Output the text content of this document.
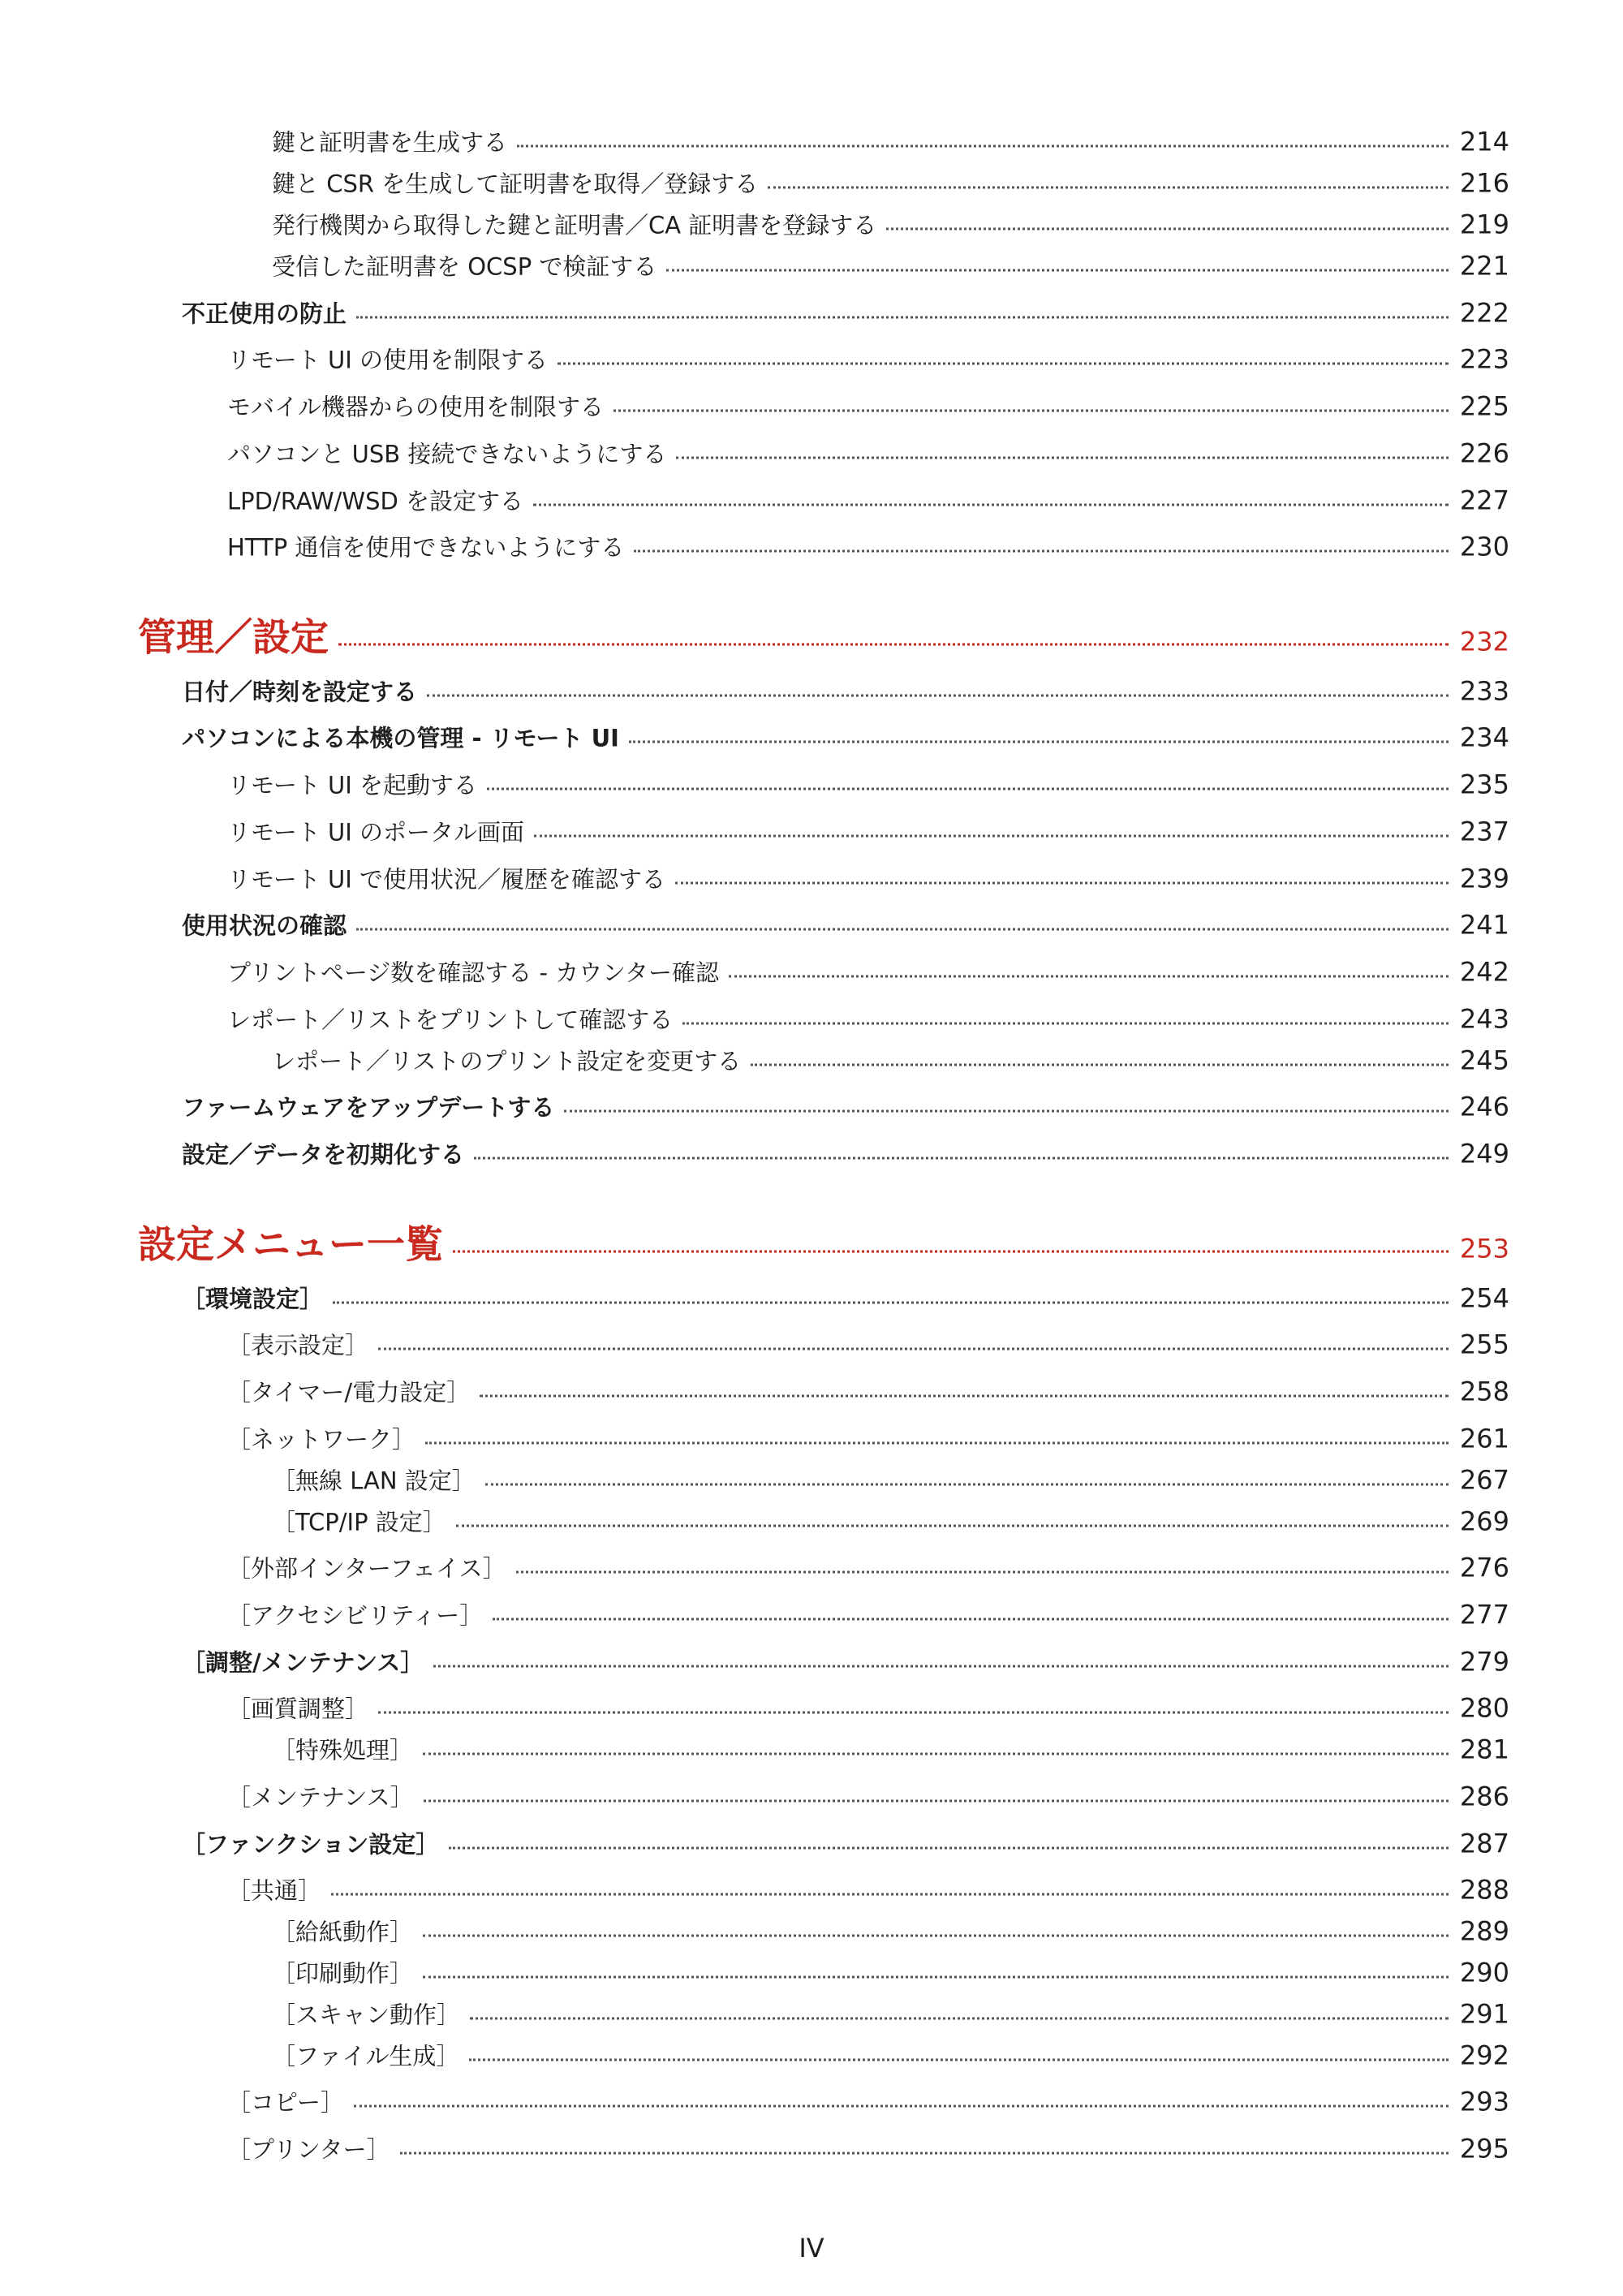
鍵と証明書を生成する	214
鍵と CSR を生成して証明書を取得／登録する	216
発行機関から取得した鍵と証明書／CA 証明書を登録する	219
受信した証明書を OCSP で検証する	221
不正使用の防止	222
リモート UI の使用を制限する	223
モバイル機器からの使用を制限する	225
パソコンと USB 接続できないようにする	226
LPD/RAW/WSD を設定する	227
HTTP 通信を使用できないようにする	230
管理／設定	232
日付／時刻を設定する	233
パソコンによる本機の管理 - リモート UI	234
リモート UI を起動する	235
リモート UI のポータル画面	237
リモート UI で使用状況／履歴を確認する	239
使用状況の確認	241
プリントページ数を確認する - カウンター確認	242
レポート／リストをプリントして確認する	243
レポート／リストのプリント設定を変更する	245
ファームウェアをアップデートする	246
設定／データを初期化する	249
設定メニュー一覧	253
［環境設定］	254
［表示設定］	255
［タイマー/電力設定］	258
［ネットワーク］	261
［無線 LAN 設定］	267
［TCP/IP 設定］	269
［外部インターフェイス］	276
［アクセシビリティー］	277
［調整/メンテナンス］	279
［画質調整］	280
［特殊処理］	281
［メンテナンス］	286
［ファンクション設定］	287
［共通］	288
［給紙動作］	289
［印刷動作］	290
［スキャン動作］	291
［ファイル生成］	292
［コピー］	293
［プリンター］	295
IV
